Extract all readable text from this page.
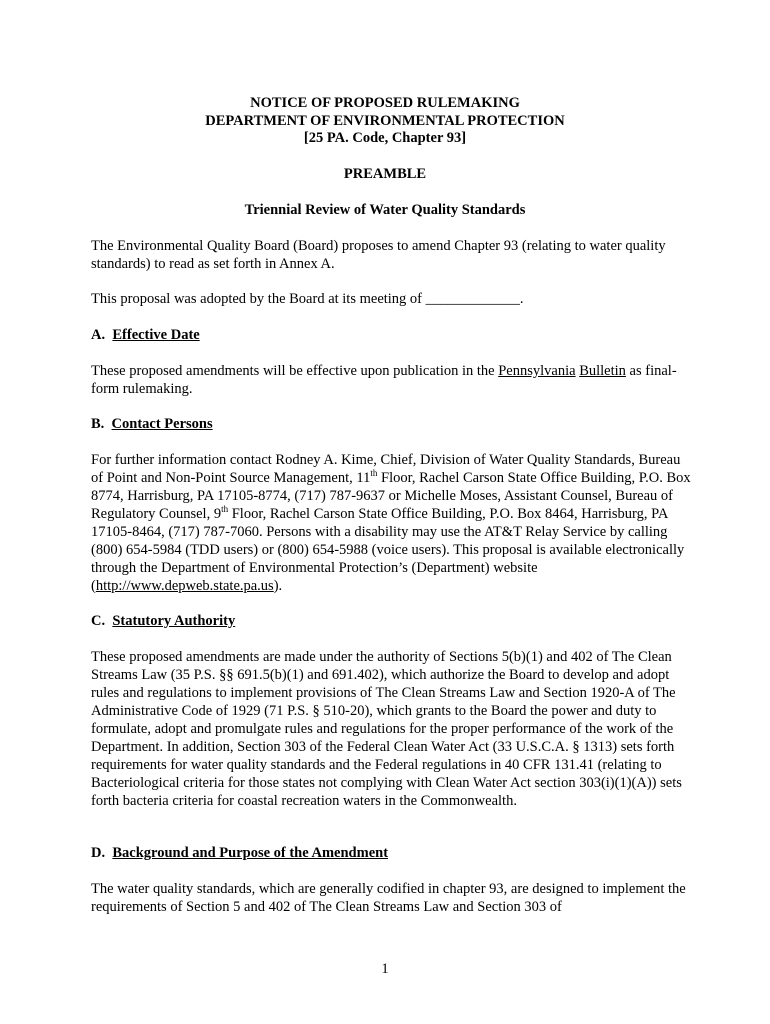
NOTICE OF PROPOSED RULEMAKING
DEPARTMENT OF ENVIRONMENTAL PROTECTION
[25 PA. Code, Chapter 93]
PREAMBLE
Triennial Review of Water Quality Standards

The Environmental Quality Board (Board) proposes to amend Chapter 93 (relating to water quality standards) to read as set forth in Annex A.

This proposal was adopted by the Board at its meeting of _____________.

A. Effective Date

These proposed amendments will be effective upon publication in the Pennsylvania Bulletin as final-form rulemaking.

B. Contact Persons

For further information contact Rodney A. Kime, Chief, Division of Water Quality Standards, Bureau of Point and Non-Point Source Management, 11th Floor, Rachel Carson State Office Building, P.O. Box 8774, Harrisburg, PA 17105-8774, (717) 787-9637 or Michelle Moses, Assistant Counsel, Bureau of Regulatory Counsel, 9th Floor, Rachel Carson State Office Building, P.O. Box 8464, Harrisburg, PA 17105-8464, (717) 787-7060. Persons with a disability may use the AT&T Relay Service by calling (800) 654-5984 (TDD users) or (800) 654-5988 (voice users). This proposal is available electronically through the Department of Environmental Protection’s (Department) website (http://www.depweb.state.pa.us).

C. Statutory Authority

These proposed amendments are made under the authority of Sections 5(b)(1) and 402 of The Clean Streams Law (35 P.S. §§ 691.5(b)(1) and 691.402), which authorize the Board to develop and adopt rules and regulations to implement provisions of The Clean Streams Law and Section 1920-A of The Administrative Code of 1929 (71 P.S. § 510-20), which grants to the Board the power and duty to formulate, adopt and promulgate rules and regulations for the proper performance of the work of the Department. In addition, Section 303 of the Federal Clean Water Act (33 U.S.C.A. § 1313) sets forth requirements for water quality standards and the Federal regulations in 40 CFR 131.41 (relating to Bacteriological criteria for those states not complying with Clean Water Act section 303(i)(1)(A)) sets forth bacteria criteria for coastal recreation waters in the Commonwealth.

D. Background and Purpose of the Amendment

The water quality standards, which are generally codified in chapter 93, are designed to implement the requirements of Section 5 and 402 of The Clean Streams Law and Section 303 of

1
